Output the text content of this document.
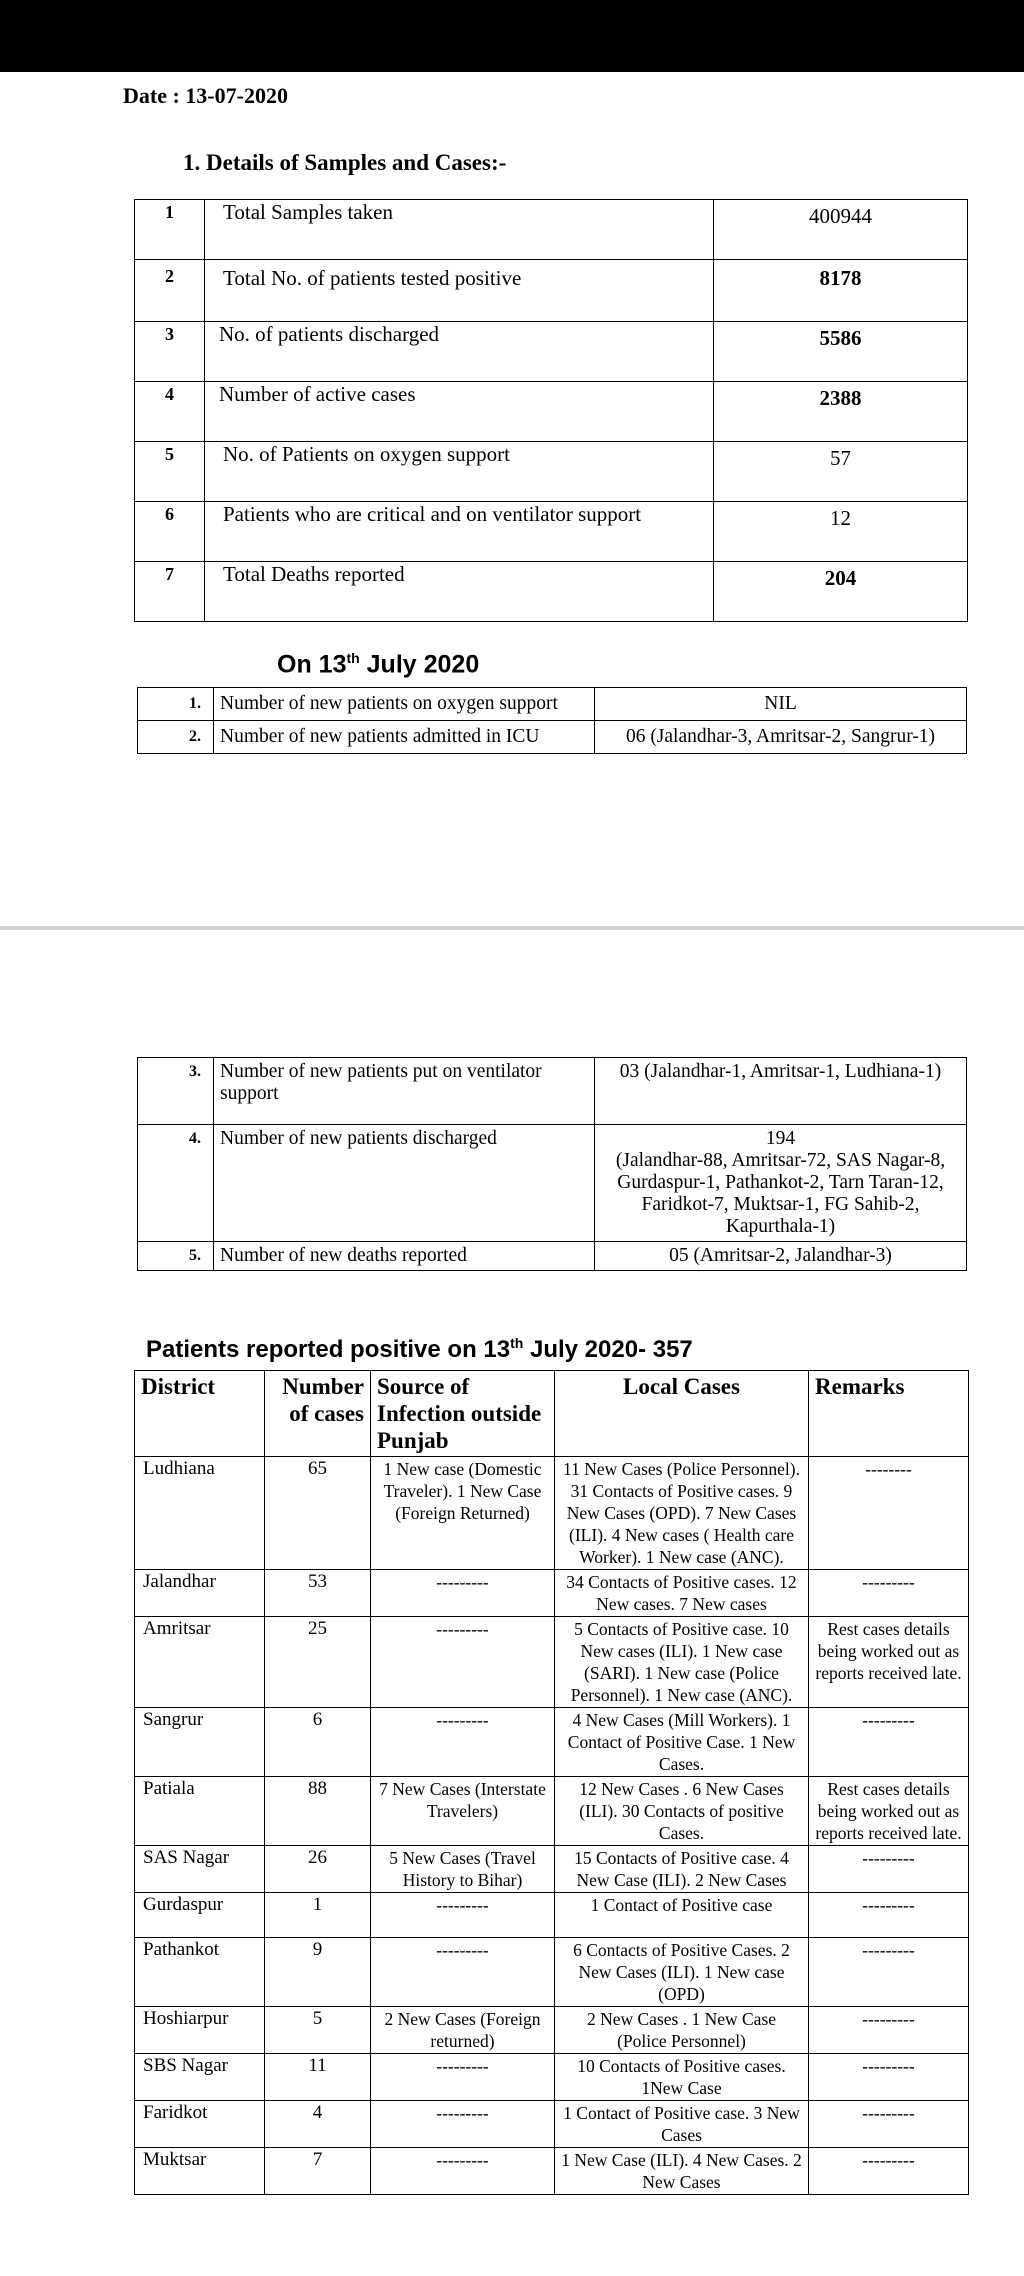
Date : 13-07-2020
1. Details of Samples and Cases:-
1	Total Samples taken	400944
2	Total No. of patients tested positive	8178
3	No. of patients discharged	5586
4	Number of active cases	2388
5	No. of Patients on oxygen support	57
6	Patients who are critical and on ventilator support	12
7	Total Deaths reported	204
On 13th July 2020
1.	Number of new patients on oxygen support	NIL
2.	Number of new patients admitted in ICU	06 (Jalandhar-3, Amritsar-2, Sangrur-1)
3.	Number of new patients put on ventilator support	03 (Jalandhar-1, Amritsar-1, Ludhiana-1)
4.	Number of new patients discharged	194
(Jalandhar-88, Amritsar-72, SAS Nagar-8, Gurdaspur-1, Pathankot-2, Tarn Taran-12, Faridkot-7, Muktsar-1, FG Sahib-2, Kapurthala-1)

5.	Number of new deaths reported	05 (Amritsar-2, Jalandhar-3)
Patients reported positive on 13th July 2020- 357
District	Number of cases	Source of Infection outside Punjab	Local Cases	Remarks
Ludhiana	65	1 New case (Domestic Traveler). 1 New Case (Foreign Returned)	11 New Cases (Police Personnel). 31 Contacts of Positive cases. 9 New Cases (OPD). 7 New Cases (ILI). 4 New cases ( Health care Worker). 1 New case (ANC).	--------
Jalandhar	53	---------	34 Contacts of Positive cases. 12 New cases. 7 New cases	---------
Amritsar	25	---------	5 Contacts of Positive case. 10 New cases (ILI). 1 New case (SARI). 1 New case (Police Personnel). 1 New case (ANC).	Rest cases details being worked out as reports received late.
Sangrur	6	---------	4 New Cases (Mill Workers). 1 Contact of Positive Case. 1 New Cases.	---------
Patiala	88	7 New Cases (Interstate Travelers)	12 New Cases . 6 New Cases (ILI). 30 Contacts of positive Cases.	Rest cases details being worked out as reports received late.
SAS Nagar	26	5 New Cases (Travel History to Bihar)	15 Contacts of Positive case. 4 New Case (ILI). 2 New Cases	---------
Gurdaspur	1	---------	1 Contact of Positive case	---------
Pathankot	9	---------	6 Contacts of Positive Cases. 2 New Cases (ILI). 1 New case (OPD)	---------
Hoshiarpur	5	2 New Cases (Foreign returned)	2 New Cases . 1 New Case (Police Personnel)	---------
SBS Nagar	11	---------	10 Contacts of Positive cases. 1New Case	---------
Faridkot	4	---------	1 Contact of Positive case. 3 New Cases	---------
Muktsar	7	---------	1 New Case (ILI). 4 New Cases. 2 New Cases	---------
